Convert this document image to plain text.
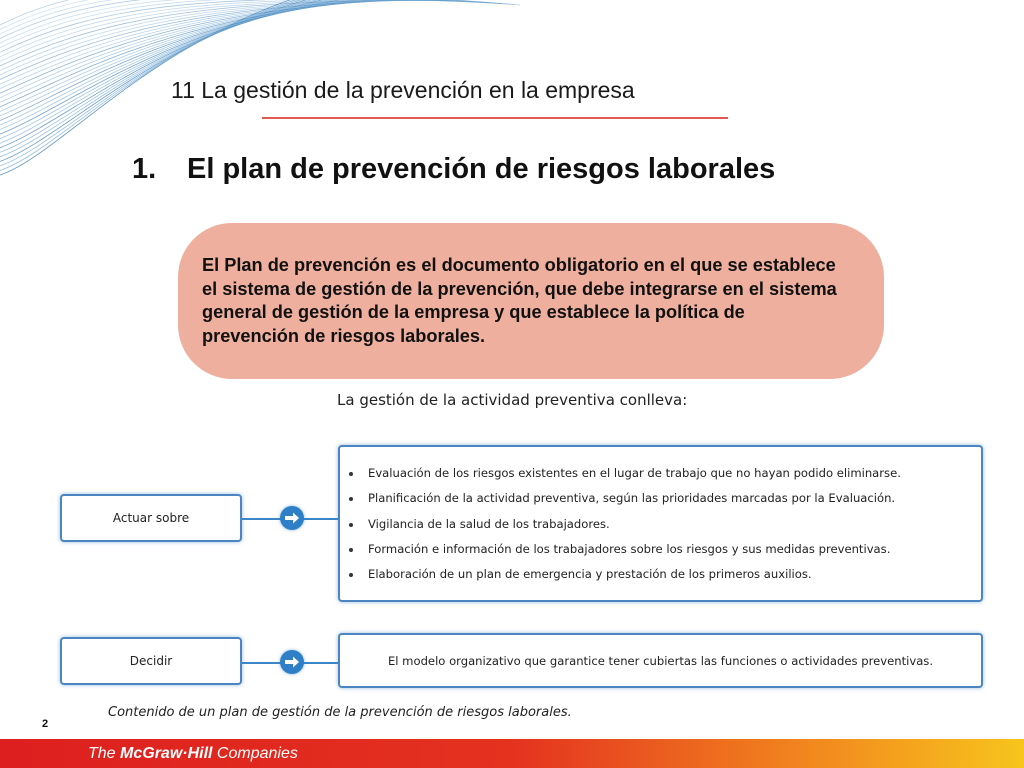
11 La gestión de la prevención en la empresa
1. El plan de prevención de riesgos laborales

El Plan de prevención es el documento obligatorio en el que se establece el sistema de gestión de la prevención, que debe integrarse en el sistema general de gestión de la empresa y que establece la política de prevención de riesgos laborales.

La gestión de la actividad preventiva conlleva:
Actuar sobre
Evaluación de los riesgos existentes en el lugar de trabajo que no hayan podido eliminarse.
Planificación de la actividad preventiva, según las prioridades marcadas por la Evaluación.
Vigilancia de la salud de los trabajadores.
Formación e información de los trabajadores sobre los riesgos y sus medidas preventivas.
Elaboración de un plan de emergencia y prestación de los primeros auxilios.
Decidir	El modelo organizativo que garantice tener cubiertas las funciones o actividades preventivas.
Contenido de un plan de gestión de la prevención de riesgos laborales.
2
The McGraw·Hill Companies
